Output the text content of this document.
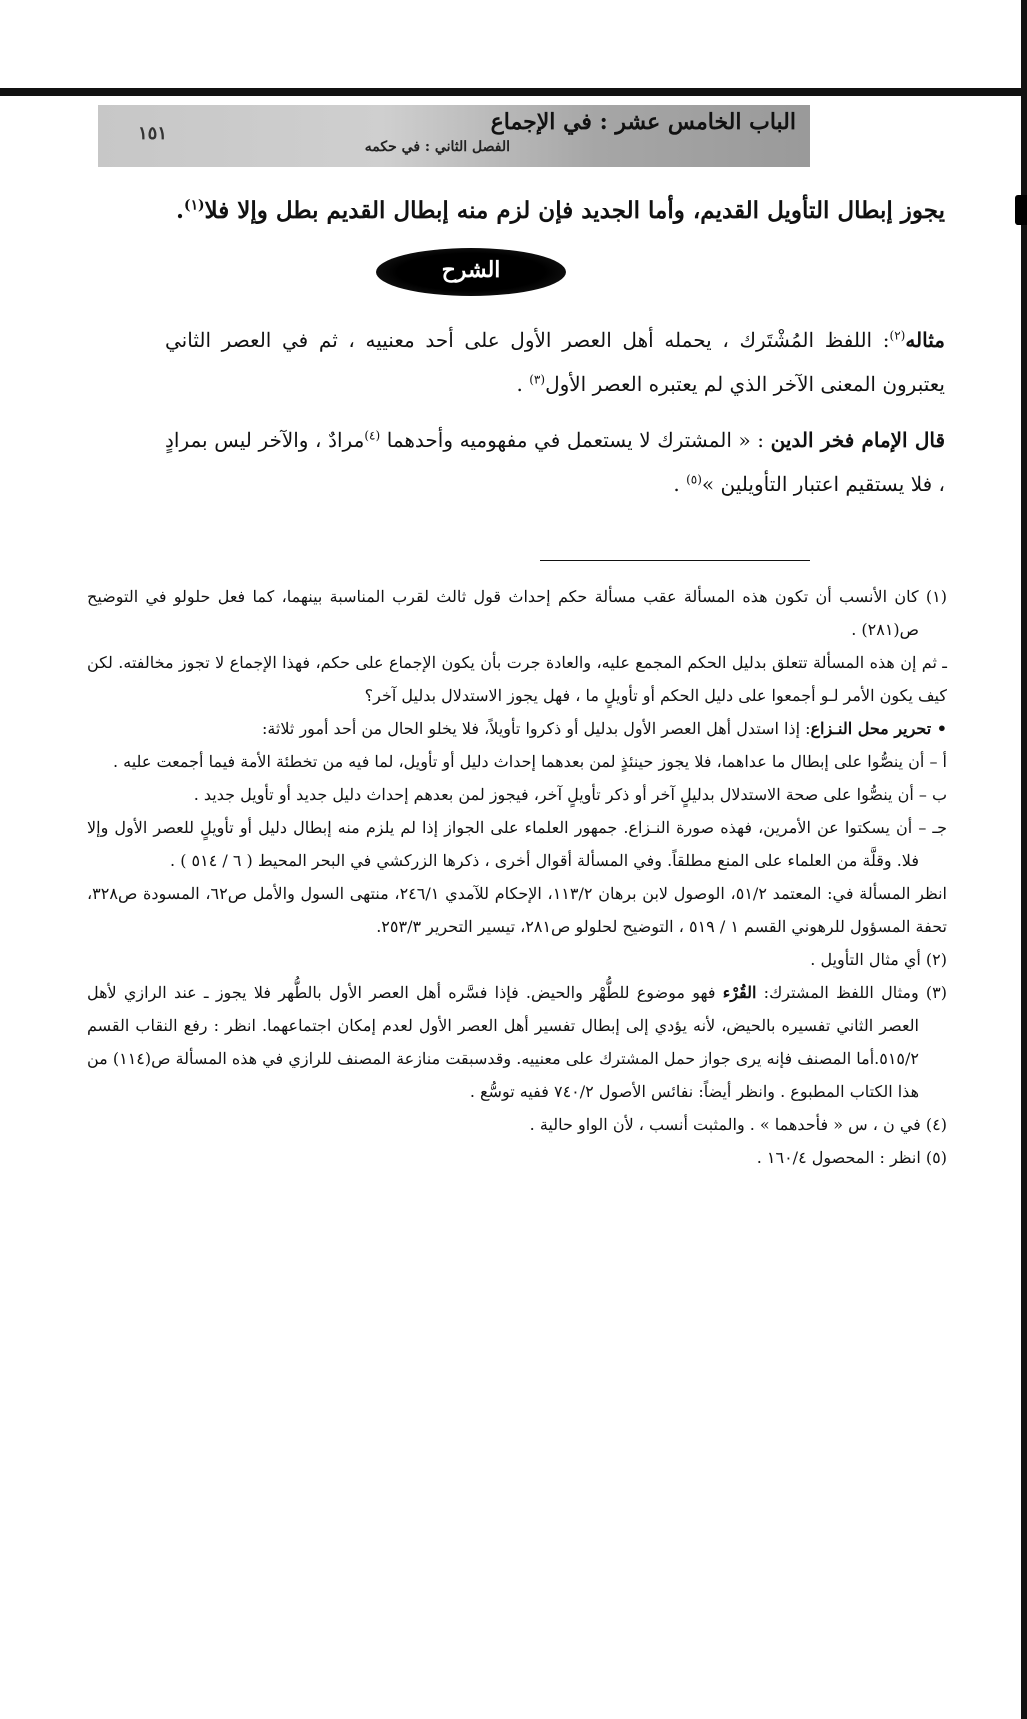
الباب الخامس عشر : في الإجماع
الفصل الثاني : في حكمه
١٥١
يجوز إبطال التأويل القديم، وأما الجديد فإن لزم منه إبطال القديم بطل وإلا فلا$^{(١)}$.
الشرح
مثاله$^{(٢)}$: اللفظ المُشْتَرك ، يحمله أهل العصر الأول على أحد معنييه ، ثم في العصر الثاني يعتبرون المعنى الآخر الذي لم يعتبره العصر الأول$^{(٣)}$ .
قال الإمام فخر الدين : « المشترك لا يستعمل في مفهوميه وأحدهما $^{(٤)}$مرادٌ ، والآخر ليس بمرادٍ ، فلا يستقيم اعتبار التأويلين »$^{(٥)}$ .

(١) كان الأنسب أن تكون هذه المسألة عقب مسألة حكم إحداث قول ثالث لقرب المناسبة بينهما، كما فعل حلولو في التوضيح ص(٢٨١) .

ـ ثم إن هذه المسألة تتعلق بدليل الحكم المجمع عليه، والعادة جرت بأن يكون الإجماع على حكم، فهذا الإجماع لا تجوز مخالفته. لكن كيف يكون الأمر لـو أجمعوا على دليل الحكم أو تأويلٍ ما ، فهل يجوز الاستدلال بدليل آخر؟

• تحرير محل النـزاع: إذا استدل أهل العصر الأول بدليل أو ذكروا تأويلاً، فلا يخلو الحال من أحد أمور ثلاثة:

أ – أن ينصُّوا على إبطال ما عداهما، فلا يجوز حينئذٍ لمن بعدهما إحداث دليل أو تأويل، لما فيه من تخطئة الأمة فيما أجمعت عليه .

ب – أن ينصُّوا على صحة الاستدلال بدليلٍ آخر أو ذكر تأويلٍ آخر، فيجوز لمن بعدهم إحداث دليل جديد أو تأويل جديد .

جـ – أن يسكتوا عن الأمرين، فهذه صورة النـزاع. جمهور العلماء على الجواز إذا لم يلزم منه إبطال دليل أو تأويلٍ للعصر الأول وإلا فلا. وقلَّة من العلماء على المنع مطلقاً. وفي المسألة أقوال أخرى ، ذكرها الزركشي في البحر المحيط ( ٦ / ٥١٤ ) .

انظر المسألة في: المعتمد ٥١/٢، الوصول لابن برهان ١١٣/٢، الإحكام للآمدي ٢٤٦/١، منتهى السول والأمل ص٦٢، المسودة ص٣٢٨، تحفة المسؤول للرهوني القسم ١ / ٥١٩ ، التوضيح لحلولو ص٢٨١، تيسير التحرير ٢٥٣/٣.

(٢) أي مثال التأويل .

(٣) ومثال اللفظ المشترك: القُرْء فهو موضوع للطُّهْر والحيض. فإذا فسَّره أهل العصر الأول بالطُّهر فلا يجوز ـ عند الرازي لأهل العصر الثاني تفسيره بالحيض، لأنه يؤدي إلى إبطال تفسير أهل العصر الأول لعدم إمكان اجتماعهما. انظر : رفع النقاب القسم ٥١٥/٢.أما المصنف فإنه يرى جواز حمل المشترك على معنييه. وقدسبقت منازعة المصنف للرازي في هذه المسألة ص(١١٤) من هذا الكتاب المطبوع . وانظر أيضاً: نفائس الأصول ٧٤٠/٢ ففيه توسُّع .

(٤) في ن ، س « فأحدهما » . والمثبت أنسب ، لأن الواو حالية .

(٥) انظر : المحصول ١٦٠/٤ .
